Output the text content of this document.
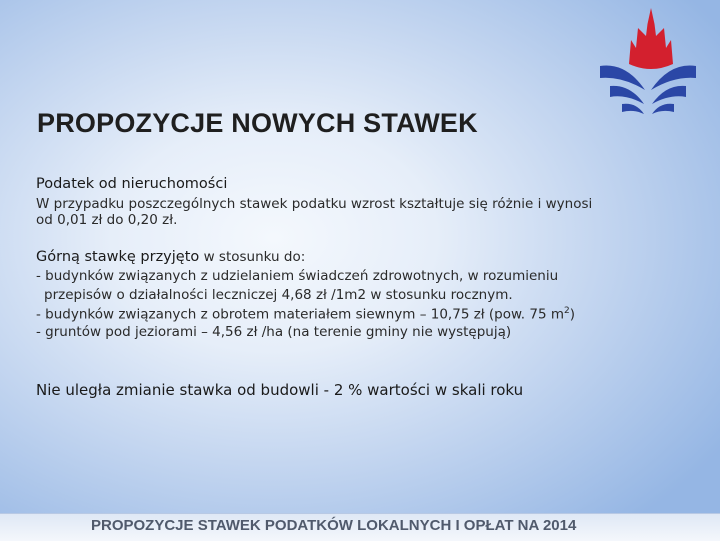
PROPOZYCJE NOWYCH STAWEK
Podatek od nieruchomości
W przypadku poszczególnych stawek podatku wzrost kształtuje się różnie i wynosi
od 0,01 zł do 0,20 zł.
Górną stawkę przyjęto w stosunku do:
- budynków związanych z udzielaniem świadczeń zdrowotnych, w rozumieniu
przepisów o działalności leczniczej 4,68 zł /1m2 w stosunku rocznym.
- budynków związanych z obrotem materiałem siewnym – 10,75 zł (pow. 75 $m^2$)
- gruntów pod jeziorami – 4,56 zł /ha (na terenie gminy nie występują)
Nie uległa zmianie stawka od budowli - 2 % wartości w skali roku
PROPOZYCJE STAWEK PODATKÓW LOKALNYCH I OPŁAT NA 2014
